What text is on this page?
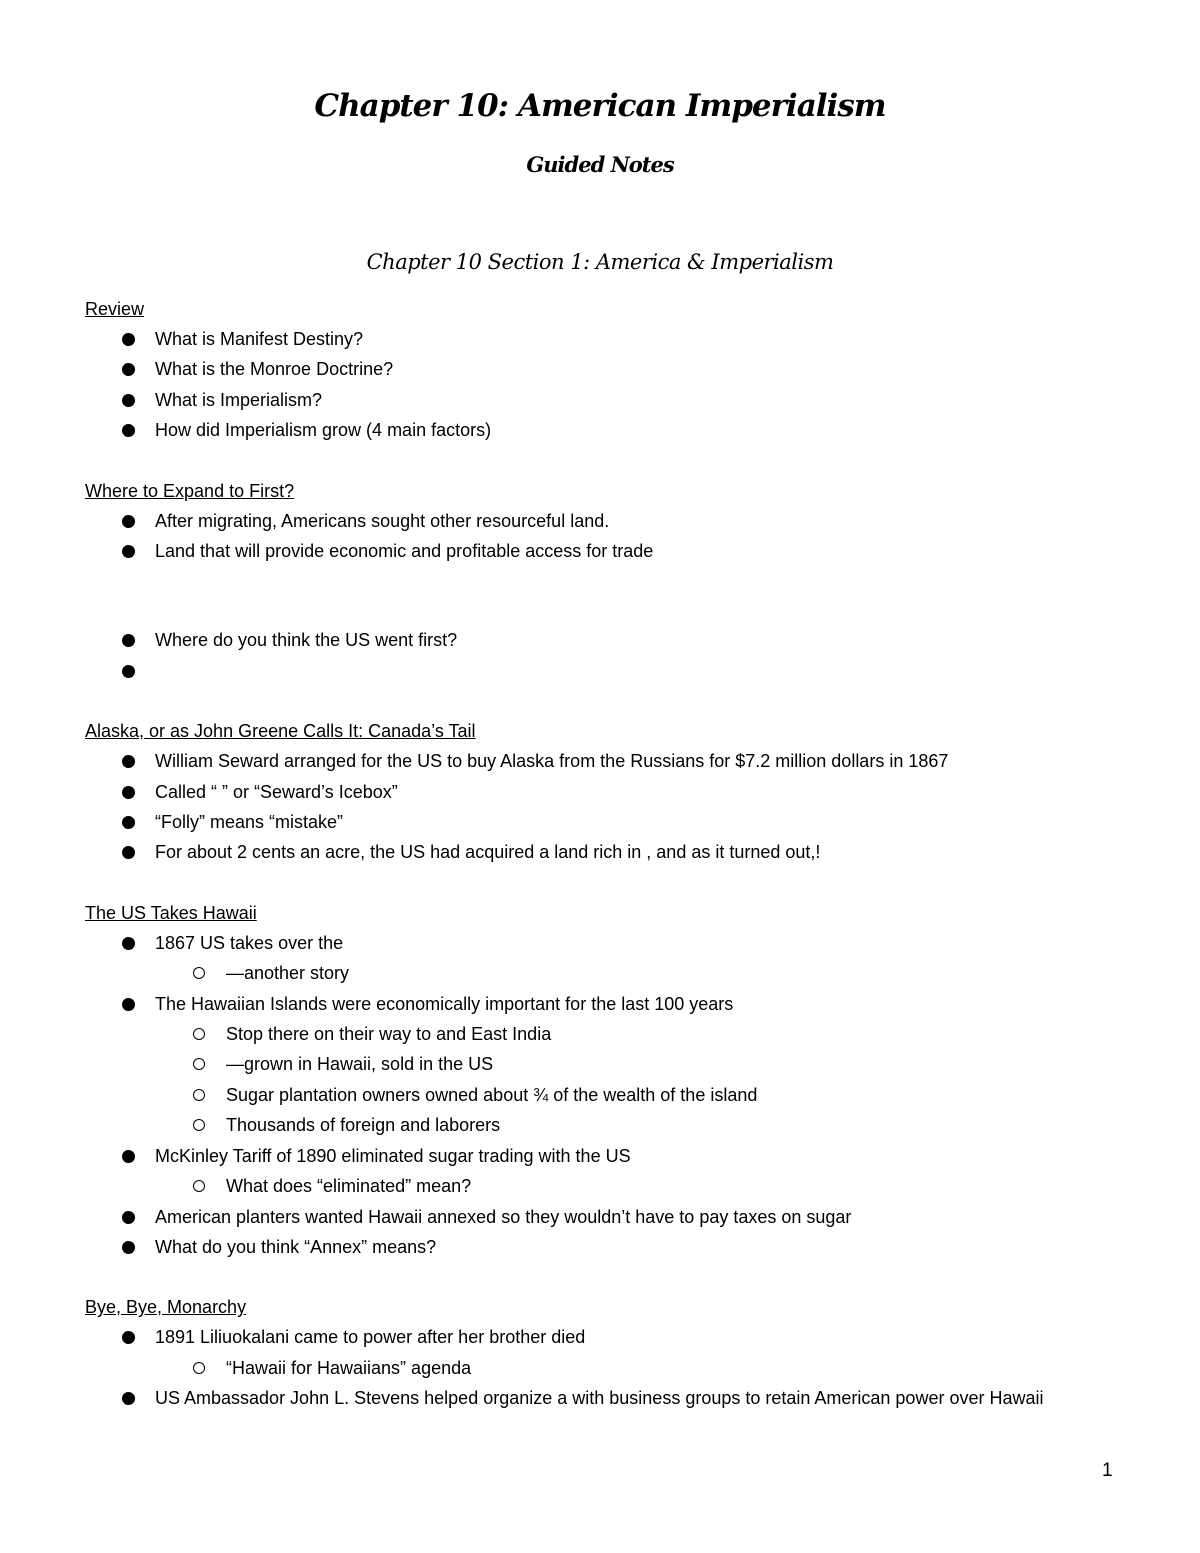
Chapter 10: American Imperialism
Guided Notes
Chapter 10 Section 1: America & Imperialism
Review
What is Manifest Destiny?
What is the Monroe Doctrine?
What is Imperialism?
How did Imperialism grow (4 main factors)
Where to Expand to First?
After migrating, Americans sought other resourceful land.
Land that will provide economic and profitable access for trade
Where do you think the US went first?
Alaska, or as John Greene Calls It: Canada’s Tail
William Seward arranged for the US to buy Alaska from the Russians for $7.2 million dollars in 1867
Called “ ” or “Seward’s Icebox”
“Folly” means “mistake”
For about 2 cents an acre, the US had acquired a land rich in , and as it turned out,!
The US Takes Hawaii
1867 US takes over the
—another story
The Hawaiian Islands were economically important for the last 100 years
Stop there on their way to and East India
—grown in Hawaii, sold in the US
Sugar plantation owners owned about ¾ of the wealth of the island
Thousands of foreign and laborers
McKinley Tariff of 1890 eliminated sugar trading with the US
What does “eliminated” mean?
American planters wanted Hawaii annexed so they wouldn’t have to pay taxes on sugar
What do you think “Annex” means?
Bye, Bye, Monarchy
1891 Liliuokalani came to power after her brother died
“Hawaii for Hawaiians” agenda
US Ambassador John L. Stevens helped organize a with business groups to retain American power over Hawaii
1
